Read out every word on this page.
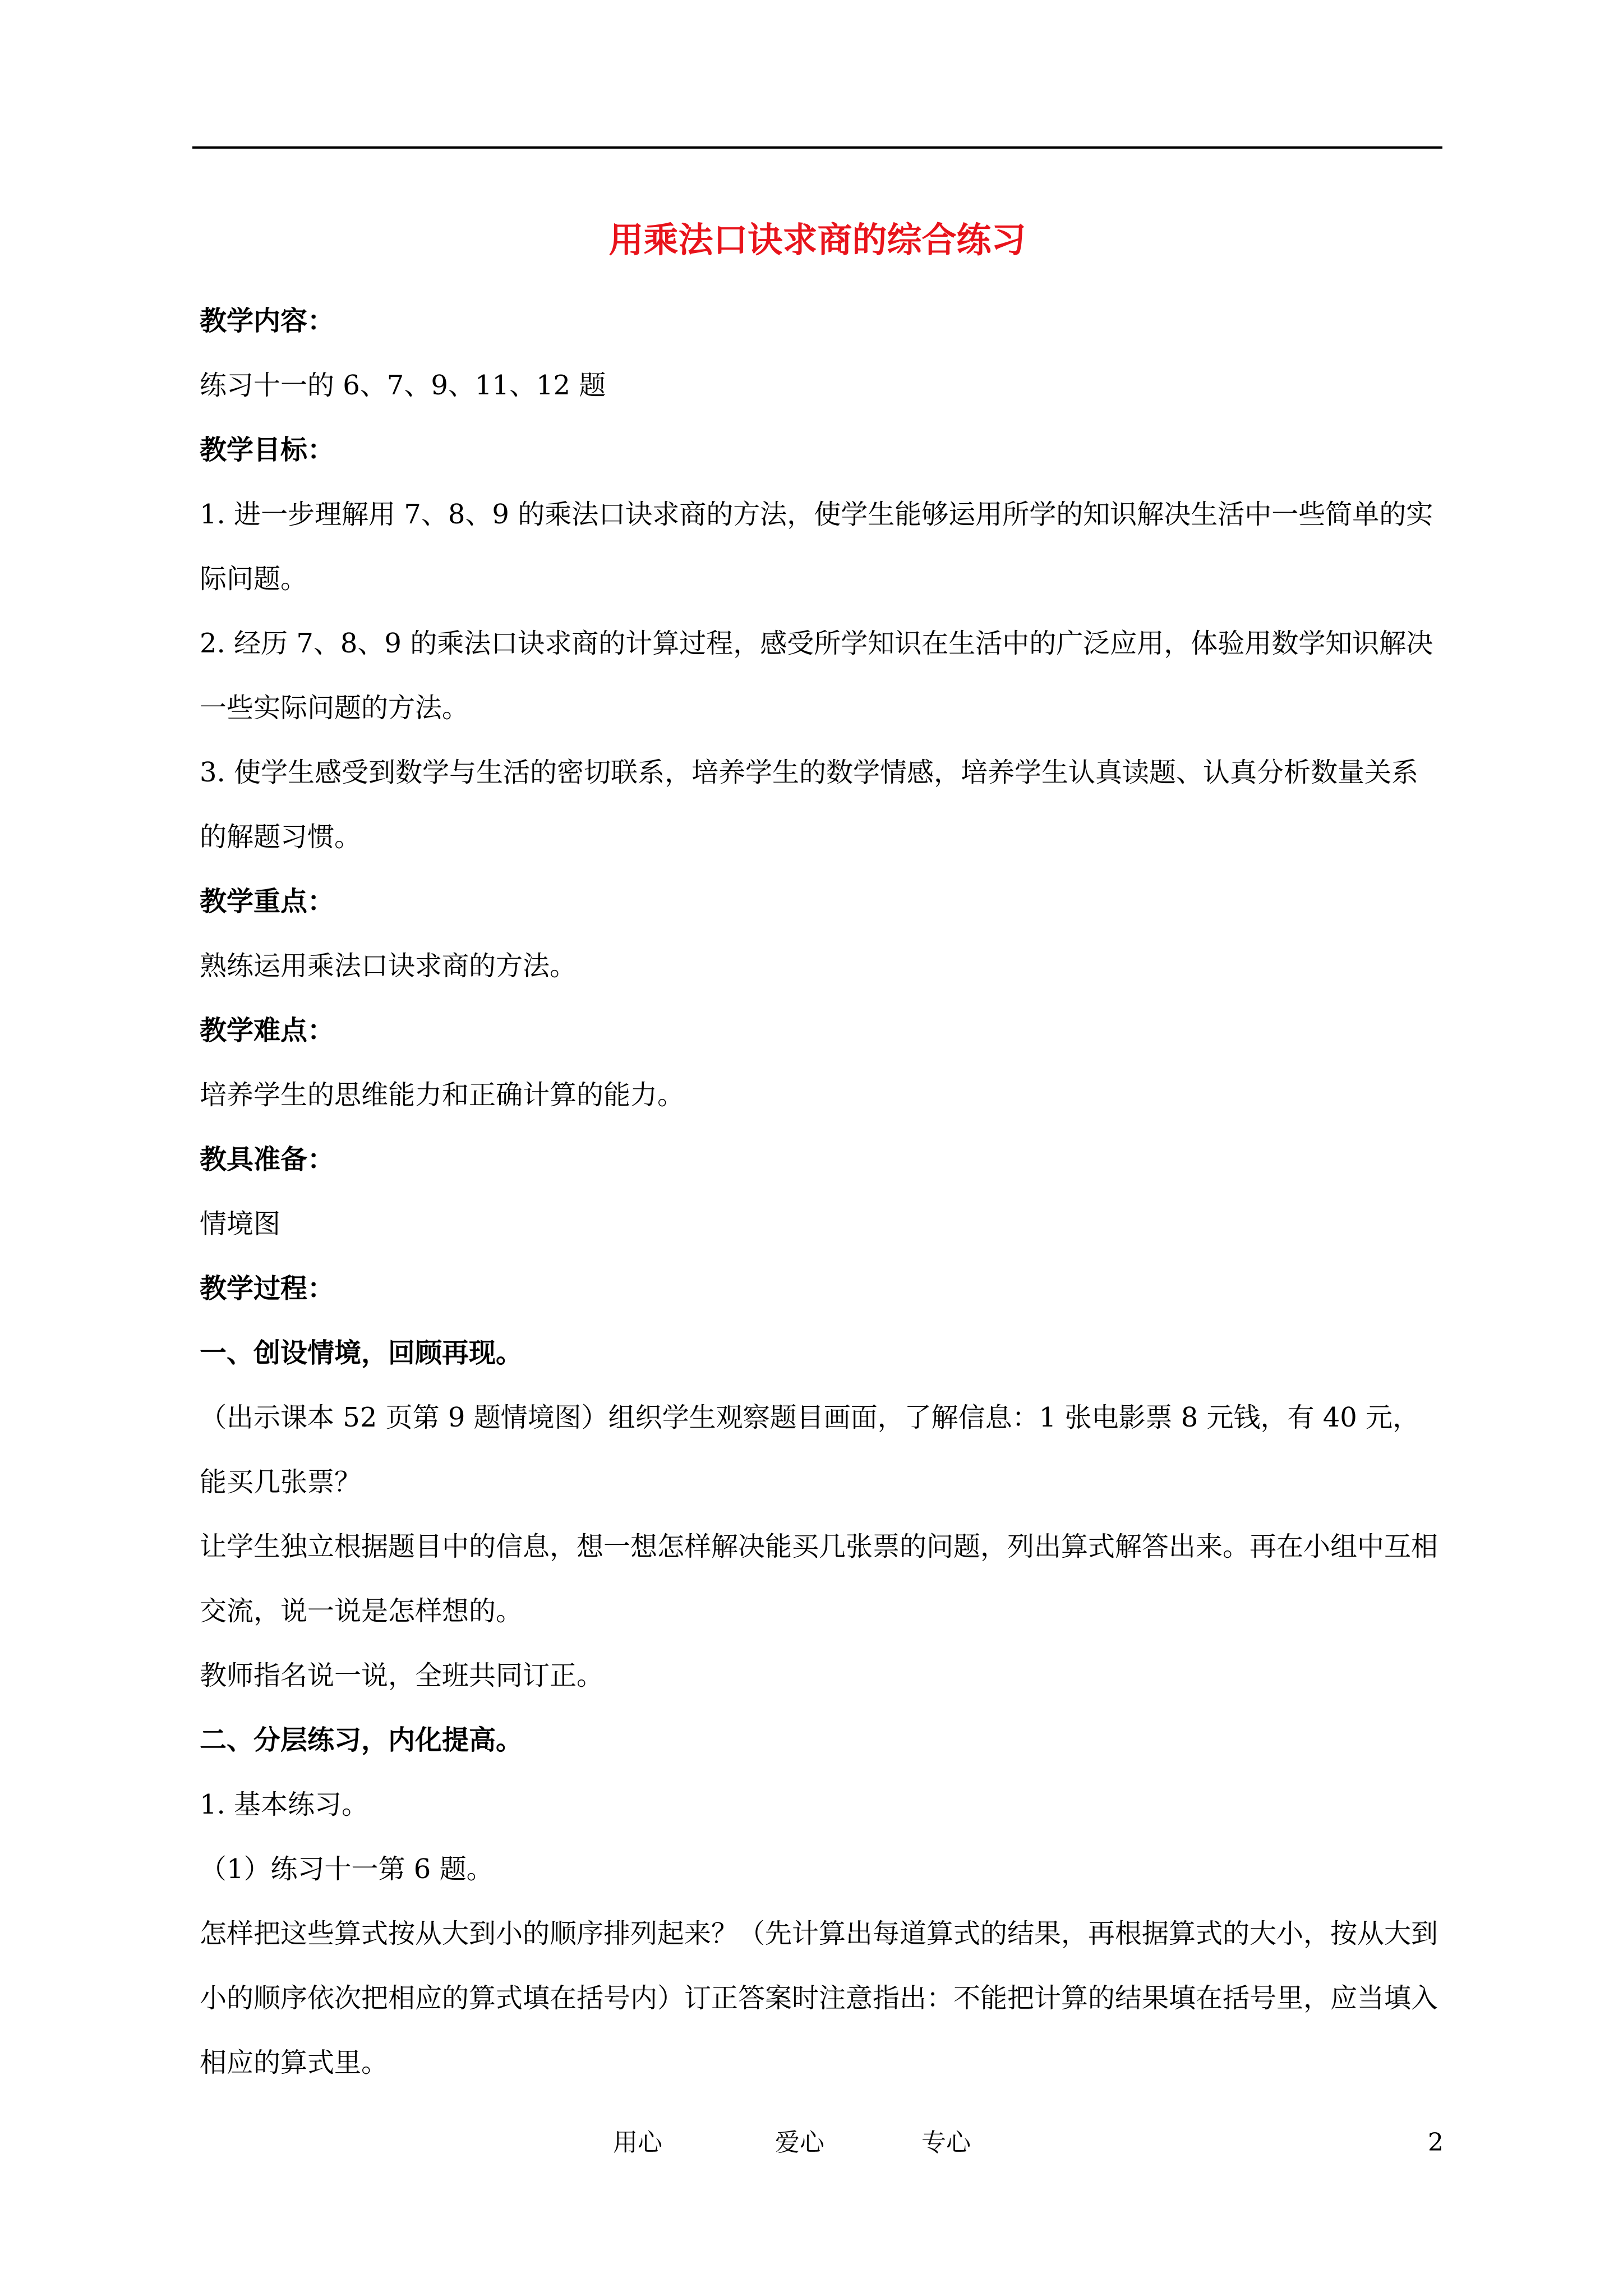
用乘法口诀求商的综合练习

教学内容：

练习十一的 6、7、9、11、12 题

教学目标：

1. 进一步理解用 7、8、9 的乘法口诀求商的方法，使学生能够运用所学的知识解决生活中一些简单的实际问题。

2. 经历 7、8、9 的乘法口诀求商的计算过程，感受所学知识在生活中的广泛应用，体验用数学知识解决一些实际问题的方法。

3. 使学生感受到数学与生活的密切联系，培养学生的数学情感，培养学生认真读题、认真分析数量关系的解题习惯。

教学重点：

熟练运用乘法口诀求商的方法。

教学难点：

培养学生的思维能力和正确计算的能力。

教具准备：

情境图

教学过程：

一、创设情境，回顾再现。

（出示课本 52 页第 9 题情境图）组织学生观察题目画面，了解信息：1 张电影票 8 元钱，有 40 元，能买几张票？

让学生独立根据题目中的信息，想一想怎样解决能买几张票的问题，列出算式解答出来。再在小组中互相交流，说一说是怎样想的。

教师指名说一说，全班共同订正。

二、分层练习，内化提高。

1. 基本练习。

（1）练习十一第 6 题。

怎样把这些算式按从大到小的顺序排列起来？（先计算出每道算式的结果，再根据算式的大小，按从大到小的顺序依次把相应的算式填在括号内）订正答案时注意指出：不能把计算的结果填在括号里，应当填入相应的算式里。

用心	爱心	专心	2
